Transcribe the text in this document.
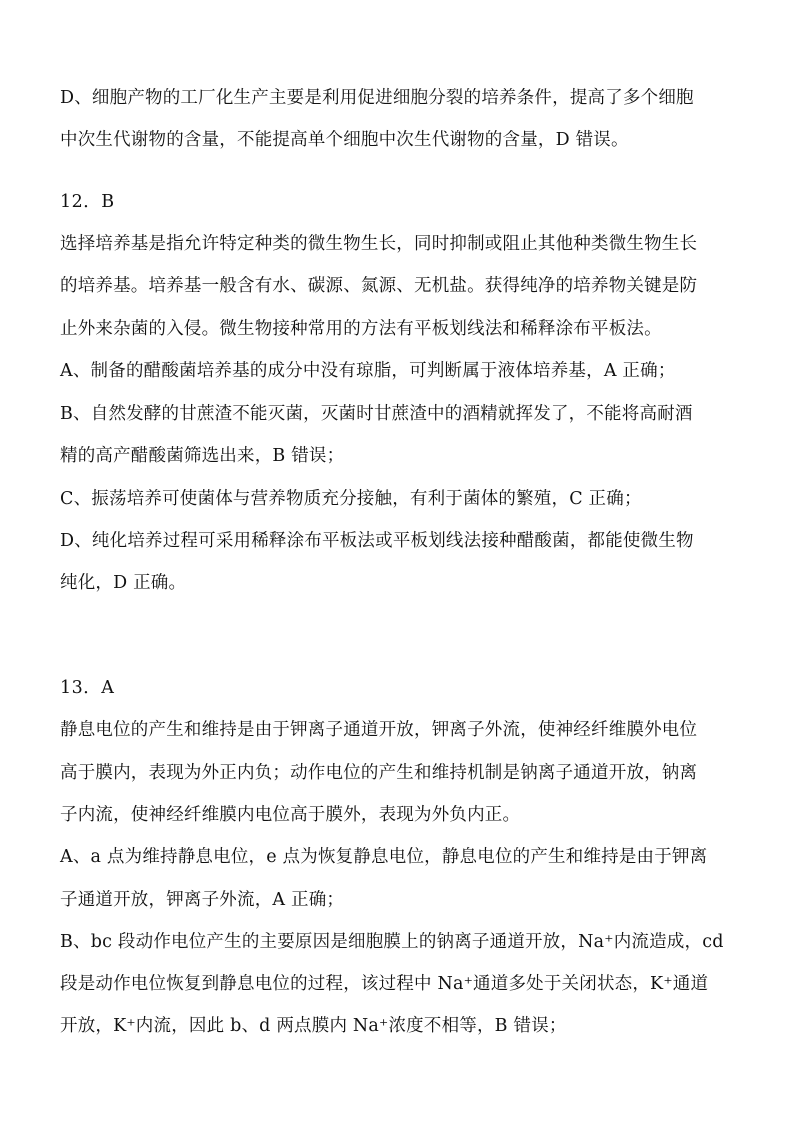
D、细胞产物的工厂化生产主要是利用促进细胞分裂的培养条件，提高了多个细胞
中次生代谢物的含量，不能提高单个细胞中次生代谢物的含量，D 错误。
12．B
选择培养基是指允许特定种类的微生物生长，同时抑制或阻止其他种类微生物生长
的培养基。培养基一般含有水、碳源、氮源、无机盐。获得纯净的培养物关键是防
止外来杂菌的入侵。微生物接种常用的方法有平板划线法和稀释涂布平板法。
A、制备的醋酸菌培养基的成分中没有琼脂，可判断属于液体培养基，A 正确；
B、自然发酵的甘蔗渣不能灭菌，灭菌时甘蔗渣中的酒精就挥发了，不能将高耐酒
精的高产醋酸菌筛选出来，B 错误；
C、振荡培养可使菌体与营养物质充分接触，有利于菌体的繁殖，C 正确；
D、纯化培养过程可采用稀释涂布平板法或平板划线法接种醋酸菌，都能使微生物
纯化，D 正确。
13．A
静息电位的产生和维持是由于钾离子通道开放，钾离子外流，使神经纤维膜外电位
高于膜内，表现为外正内负；动作电位的产生和维持机制是钠离子通道开放，钠离
子内流，使神经纤维膜内电位高于膜外，表现为外负内正。
A、a 点为维持静息电位，e 点为恢复静息电位，静息电位的产生和维持是由于钾离
子通道开放，钾离子外流，A 正确；
B、bc 段动作电位产生的主要原因是细胞膜上的钠离子通道开放，Na⁺内流造成，cd
段是动作电位恢复到静息电位的过程，该过程中 Na⁺通道多处于关闭状态，K⁺通道
开放，K⁺内流，因此 b、d 两点膜内 Na⁺浓度不相等，B 错误；
